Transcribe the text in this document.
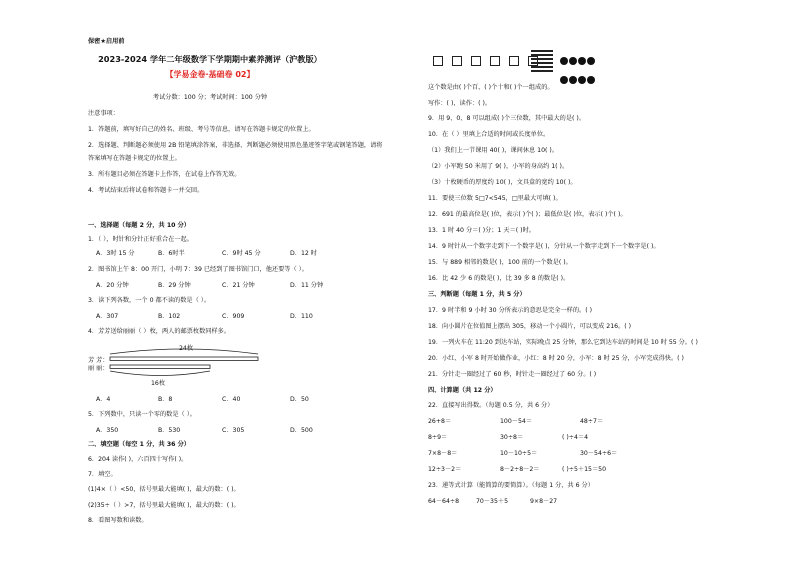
保密★启用前
2023-2024 学年二年级数学下学期期中素养测评（沪教版）
【学易金卷·基础卷 02】
考试分数：100 分；考试时间：100 分钟
注意事项：
1．答题前，填写好自己的姓名、班级、考号等信息，请写在答题卡规定的位置上。
2．选择题、判断题必须使用 2B 铅笔填涂答案，非选择、判断题必须使用黑色墨迹签字笔或钢笔答题，请将
答案填写在答题卡规定的位置上。
3．所有题目必须在答题卡上作答，在试卷上作答无效。
4．考试结束后将试卷和答题卡一并交回。
一、选择题（每题 2 分，共 10 分）
1．（ ），时针和分针正好重合在一起。
A．3时 15 分	B．6时半	C．9时 45 分	D．12 时
2．图书馆上午 8：00 开门，小明 7：39 已经到了图书馆门口，他还要等（ ）。
A．20 分钟	B．29 分钟	C．21 分钟	D．11 分钟
3．读下列各数，一个 0 都不读的数是（ ）。
A．307	B．102	C．909	D．110
4．芳芳送给丽丽（ ）枚，两人的邮票枚数同样多。
24枚
芳 芳：
丽 丽：
16枚
A．4	B．8	C．40	D．50
5．下列数中，只读一个零的数是（ ）。
A．350	B．530	C．305	D．500
二、填空题（每空 1 分，共 36 分）
6．204 读作( )，六百四十写作( )。
7．填空。
(1)4×（ ）<50，括号里最大能填( )，最大的数：( )。
(2)35÷（ ）>7，括号里最大能填( )，最大的数：( )。
8．看图写数和读数。

这个数是由( )个百、( )个十和( )个一组成的。
写作：( )，读作：( )。
9．用 9、0、8 可以组成( )个三位数，其中最大的是( )。
10．在（ ）里填上合适的时间或长度单位。
（1）我们上一节课用 40( )，课间休息 10( )。
（2）小军跑 50 米用了 9( )，小军的身高约 1( )。
（3）十枚硬币的厚度约 10( )，文具盒的宽约 10( )。
11．要使三位数 5□7<545，□里最大可填( )。
12．691 的最高位是( )位，表示( )个( )；最低位是( )位，表示( )个( )。
13．1 时 40 分＝( )分；1 天＝( )时。
14．9 时针从一个数字走到下一个数字是( )，分针从一个数字走到下一个数字是( )。
15．与 889 相邻的数是( )，100 前的一个数是( )。
16．比 42 少 6 的数是( )，比 39 多 8 的数是( )。
三、判断题（每题 1 分，共 5 分）
17．9 时半和 9 小时 30 分所表示的意思是完全一样的。( )
18．向小圆片在位值图上摆出 305，移动一个小圆片，可以变成 216。( )
19．一列火车在 11:20 到达车站，实际晚点 25 分钟，那么它到达车站的时间是 10 时 55 分。( )
20．小红、小军 8 时开始做作业，小红：8 时 20 分，小军：8 时 25 分，小军完成得快。( )
21．分针走一圈经过了 60 秒，时针走一圈经过了 60 分。( )
四、计算题（共 12 分）
22．直接写出得数。（每题 0.5 分，共 6 分）
26+8＝	100－54＝	48÷7＝
8÷9＝	30÷8＝	( )÷4＝4
7×8－8＝	10－10÷5＝	30－54÷6＝
12÷3－2＝	8－2÷8－2＝	( )÷5＋15＝50
23．递等式计算（能简算的要简算）。（每题 1 分，共 6 分）
64－64÷8	70－35＋5	9×8－27
